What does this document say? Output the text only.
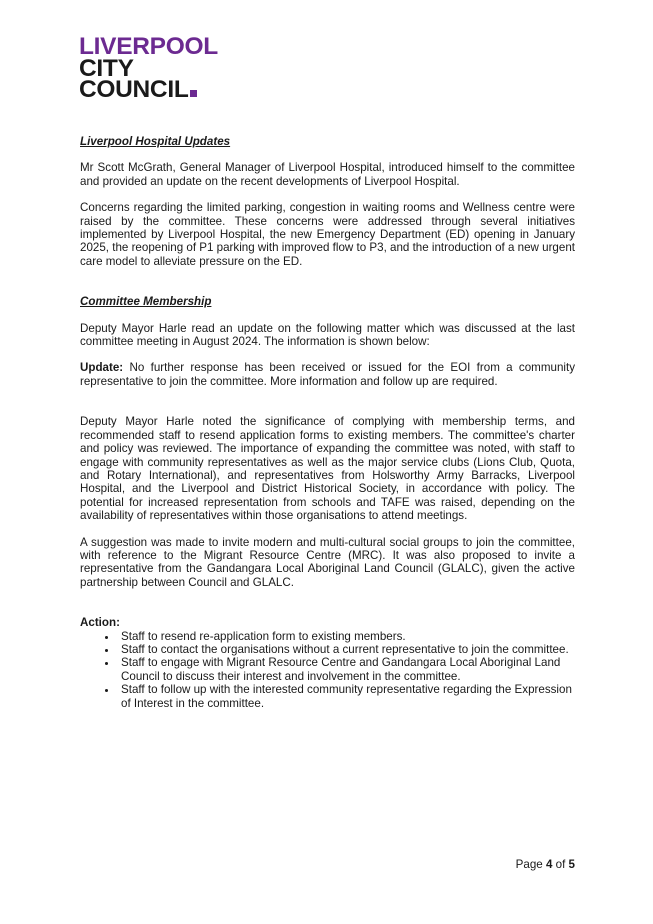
LIVERPOOL
CITY
COUNCIL

Liverpool Hospital Updates

Mr Scott McGrath, General Manager of Liverpool Hospital, introduced himself to the committee and provided an update on the recent developments of Liverpool Hospital.

Concerns regarding the limited parking, congestion in waiting rooms and Wellness centre were raised by the committee. These concerns were addressed through several initiatives implemented by Liverpool Hospital, the new Emergency Department (ED) opening in January 2025, the reopening of P1 parking with improved flow to P3, and the introduction of a new urgent care model to alleviate pressure on the ED.

Committee Membership

Deputy Mayor Harle read an update on the following matter which was discussed at the last committee meeting in August 2024. The information is shown below:

Update: No further response has been received or issued for the EOI from a community representative to join the committee. More information and follow up are required.

Deputy Mayor Harle noted the significance of complying with membership terms, and recommended staff to resend application forms to existing members. The committee's charter and policy was reviewed. The importance of expanding the committee was noted, with staff to engage with community representatives as well as the major service clubs (Lions Club, Quota, and Rotary International), and representatives from Holsworthy Army Barracks, Liverpool Hospital, and the Liverpool and District Historical Society, in accordance with policy. The potential for increased representation from schools and TAFE was raised, depending on the availability of representatives within those organisations to attend meetings.

A suggestion was made to invite modern and multi-cultural social groups to join the committee, with reference to the Migrant Resource Centre (MRC). It was also proposed to invite a representative from the Gandangara Local Aboriginal Land Council (GLALC), given the active partnership between Council and GLALC.

Action:

• Staff to resend re-application form to existing members.
• Staff to contact the organisations without a current representative to join the committee.
• Staff to engage with Migrant Resource Centre and Gandangara Local Aboriginal Land Council to discuss their interest and involvement in the committee.
• Staff to follow up with the interested community representative regarding the Expression of Interest in the committee.
Page 4 of 5
